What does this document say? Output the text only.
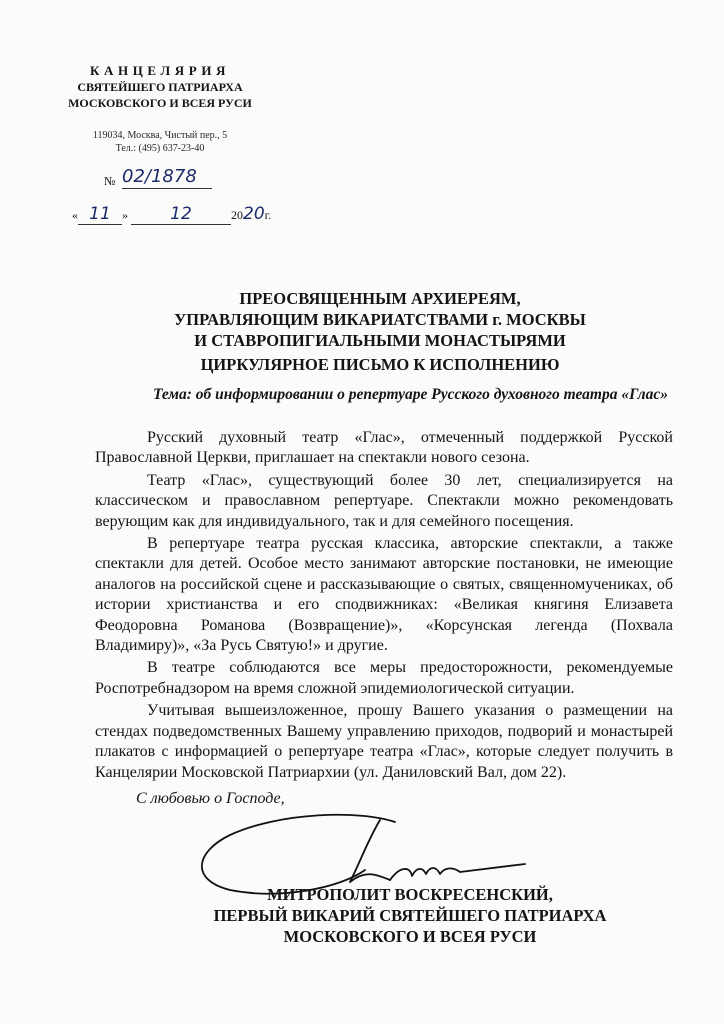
КАНЦЕЛЯРИЯ
СВЯТЕЙШЕГО ПАТРИАРХА
МОСКОВСКОГО И ВСЕЯ РУСИ
119034, Москва, Чистый пер., 5
Тел.: (495) 637-23-40
№ 02/1878
« 11 » 12	2020г.
ПРЕОСВЯЩЕННЫМ АРХИЕРЕЯМ,
УПРАВЛЯЮЩИМ ВИКАРИАТСТВАМИ г. МОСКВЫ
И СТАВРОПИГИАЛЬНЫМИ МОНАСТЫРЯМИ
ЦИРКУЛЯРНОЕ ПИСЬМО К ИСПОЛНЕНИЮ
Тема: об информировании о репертуаре Русского духовного театра «Глас»

Русский духовный театр «Глас», отмеченный поддержкой Русской Православной Церкви, приглашает на спектакли нового сезона.

Театр «Глас», существующий более 30 лет, специализируется на классическом и православном репертуаре. Спектакли можно рекомендовать верующим как для индивидуального, так и для семейного посещения.

В репертуаре театра русская классика, авторские спектакли, а также спектакли для детей. Особое место занимают авторские постановки, не имеющие аналогов на российской сцене и рассказывающие о святых, священномучениках, об истории христианства и его сподвижниках: «Великая княгиня Елизавета Феодоровна Романова (Возвращение)», «Корсунская легенда (Похвала Владимиру)», «За Русь Святую!» и другие.

В театре соблюдаются все меры предосторожности, рекомендуемые Роспотребнадзором на время сложной эпидемиологической ситуации.

Учитывая вышеизложенное, прошу Вашего указания о размещении на стендах подведомственных Вашему управлению приходов, подворий и монастырей плакатов с информацией о репертуаре театра «Глас», которые следует получить в Канцелярии Московской Патриархии (ул. Даниловский Вал, дом 22).

С любовью о Господе,
МИТРОПОЛИТ ВОСКРЕСЕНСКИЙ,
ПЕРВЫЙ ВИКАРИЙ СВЯТЕЙШЕГО ПАТРИАРХА
МОСКОВСКОГО И ВСЕЯ РУСИ
